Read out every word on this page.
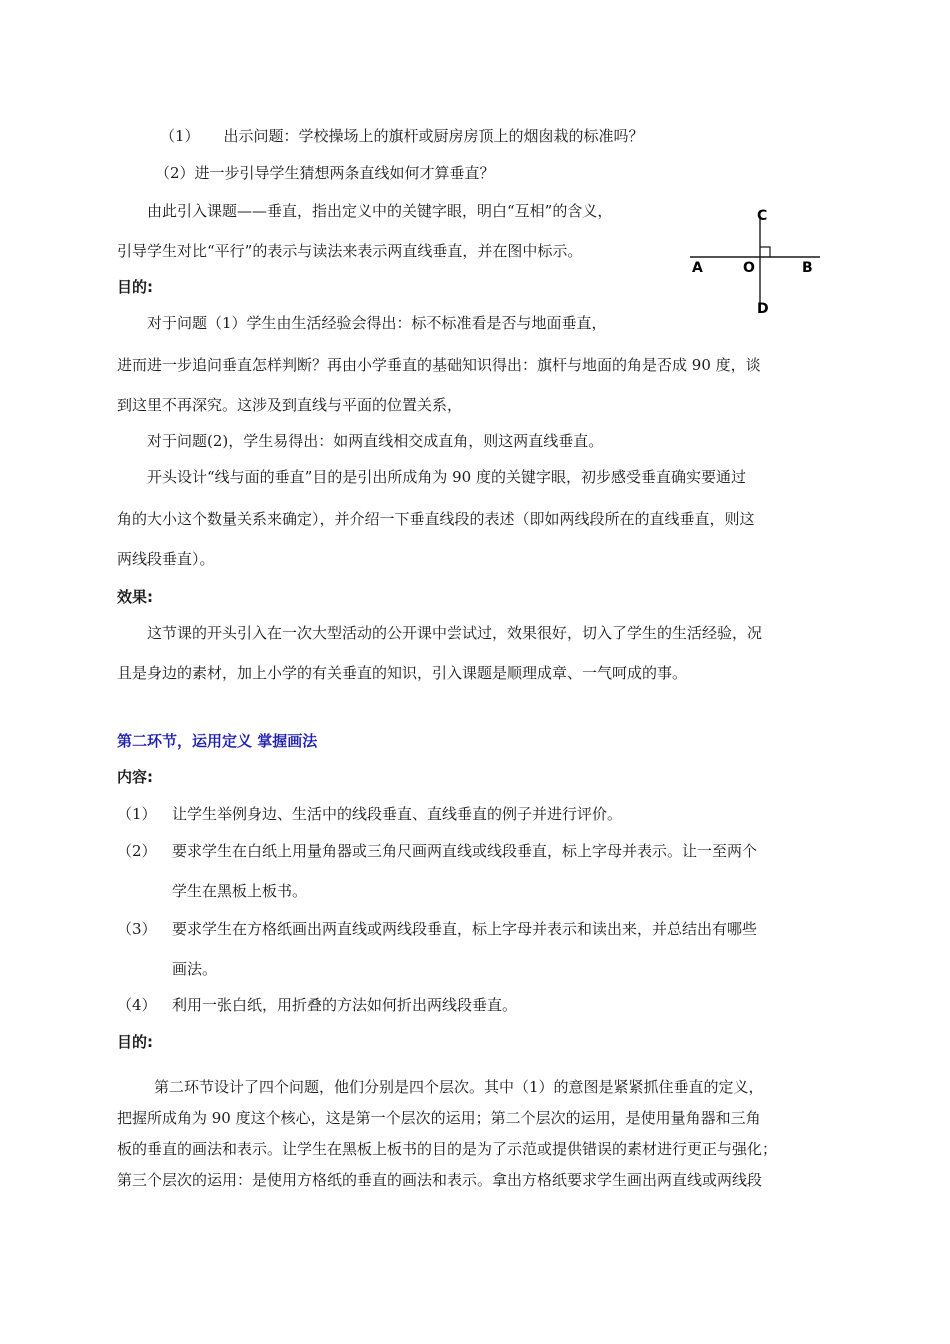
（1） 出示问题：学校操场上的旗杆或厨房房顶上的烟囱栽的标准吗？
（2）进一步引导学生猜想两条直线如何才算垂直？
由此引入课题——垂直，指出定义中的关键字眼，明白“互相”的含义，
引导学生对比“平行”的表示与读法来表示两直线垂直，并在图中标示。
目的:
对于问题（1）学生由生活经验会得出：标不标准看是否与地面垂直，
进而进一步追问垂直怎样判断？再由小学垂直的基础知识得出：旗杆与地面的角是否成 90 度，谈
到这里不再深究。这涉及到直线与平面的位置关系，
对于问题(2)，学生易得出：如两直线相交成直角，则这两直线垂直。
开头设计“线与面的垂直”目的是引出所成角为 90 度的关键字眼，初步感受垂直确实要通过
角的大小这个数量关系来确定），并介绍一下垂直线段的表述（即如两线段所在的直线垂直，则这
两线段垂直）。
效果:
这节课的开头引入在一次大型活动的公开课中尝试过，效果很好，切入了学生的生活经验，况
且是身边的素材，加上小学的有关垂直的知识，引入课题是顺理成章、一气呵成的事。
A	O	B
C
D
第二环节，运用定义 掌握画法
内容:
（1） 让学生举例身边、生活中的线段垂直、直线垂直的例子并进行评价。
（2） 要求学生在白纸上用量角器或三角尺画两直线或线段垂直，标上字母并表示。让一至两个
学生在黑板上板书。
（3） 要求学生在方格纸画出两直线或两线段垂直，标上字母并表示和读出来，并总结出有哪些
画法。
（4） 利用一张白纸，用折叠的方法如何折出两线段垂直。
目的:
第二环节设计了四个问题，他们分别是四个层次。其中（1）的意图是紧紧抓住垂直的定义，
把握所成角为 90 度这个核心，这是第一个层次的运用；第二个层次的运用，是使用量角器和三角
板的垂直的画法和表示。让学生在黑板上板书的目的是为了示范或提供错误的素材进行更正与强化；
第三个层次的运用：是使用方格纸的垂直的画法和表示。拿出方格纸要求学生画出两直线或两线段
